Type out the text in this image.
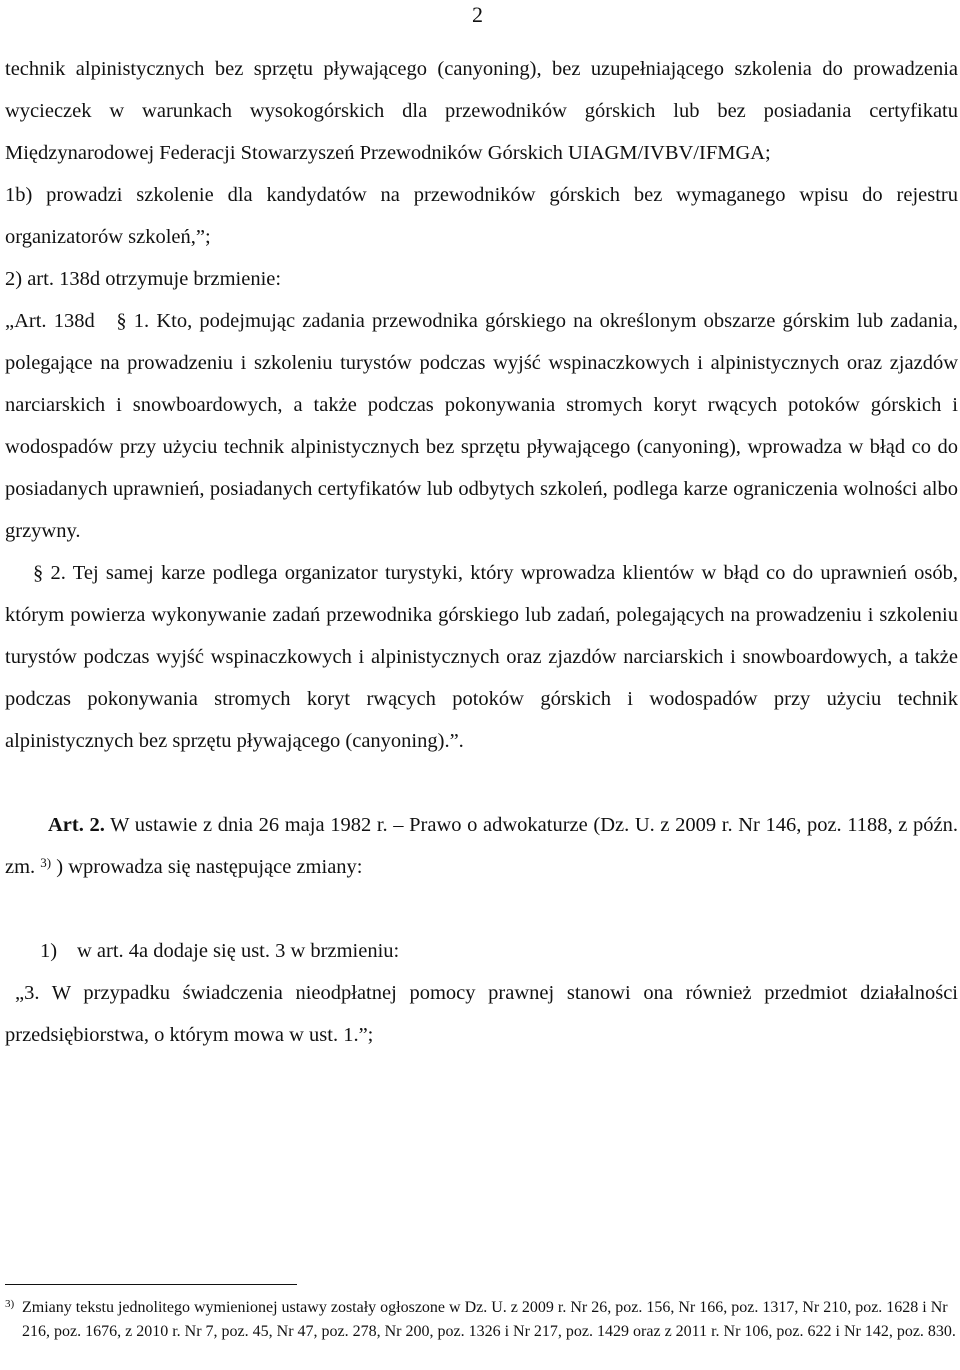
2

technik alpinistycznych bez sprzętu pływającego (canyoning), bez uzupełniającego szkolenia do prowadzenia wycieczek w warunkach wysokogórskich dla przewodników górskich lub bez posiadania certyfikatu Międzynarodowej Federacji Stowarzyszeń Przewodników Górskich UIAGM/IVBV/IFMGA;

1b) prowadzi szkolenie dla kandydatów na przewodników górskich bez wymaganego wpisu do rejestru organizatorów szkoleń,”;

2) art. 138d otrzymuje brzmienie:

„Art. 138d § 1. Kto, podejmując zadania przewodnika górskiego na określonym obszarze górskim lub zadania, polegające na prowadzeniu i szkoleniu turystów podczas wyjść wspinaczkowych i alpinistycznych oraz zjazdów narciarskich i snowboardowych, a także podczas pokonywania stromych koryt rwących potoków górskich i wodospadów przy użyciu technik alpinistycznych bez sprzętu pływającego (canyoning), wprowadza w błąd co do posiadanych uprawnień, posiadanych certyfikatów lub odbytych szkoleń, podlega karze ograniczenia wolności albo grzywny.

§ 2. Tej samej karze podlega organizator turystyki, który wprowadza klientów w błąd co do uprawnień osób, którym powierza wykonywanie zadań przewodnika górskiego lub zadań, polegających na prowadzeniu i szkoleniu turystów podczas wyjść wspinaczkowych i alpinistycznych oraz zjazdów narciarskich i snowboardowych, a także podczas pokonywania stromych koryt rwących potoków górskich i wodospadów przy użyciu technik alpinistycznych bez sprzętu pływającego (canyoning).”.

Art. 2. W ustawie z dnia 26 maja 1982 r. – Prawo o adwokaturze (Dz. U. z 2009 r. Nr 146, poz. 1188, z późn. zm. $^{3)}$ ) wprowadza się następujące zmiany:

1) w art. 4a dodaje się ust. 3 w brzmieniu:

„3. W przypadku świadczenia nieodpłatnej pomocy prawnej stanowi ona również przedmiot działalności przedsiębiorstwa, o którym mowa w ust. 1.”;

3) Zmiany tekstu jednolitego wymienionej ustawy zostały ogłoszone w Dz. U. z 2009 r. Nr 26, poz. 156, Nr 166, poz. 1317, Nr 210, poz. 1628 i Nr 216, poz. 1676, z 2010 r. Nr 7, poz. 45, Nr 47, poz. 278, Nr 200, poz. 1326 i Nr 217, poz. 1429 oraz z 2011 r. Nr 106, poz. 622 i Nr 142, poz. 830.
